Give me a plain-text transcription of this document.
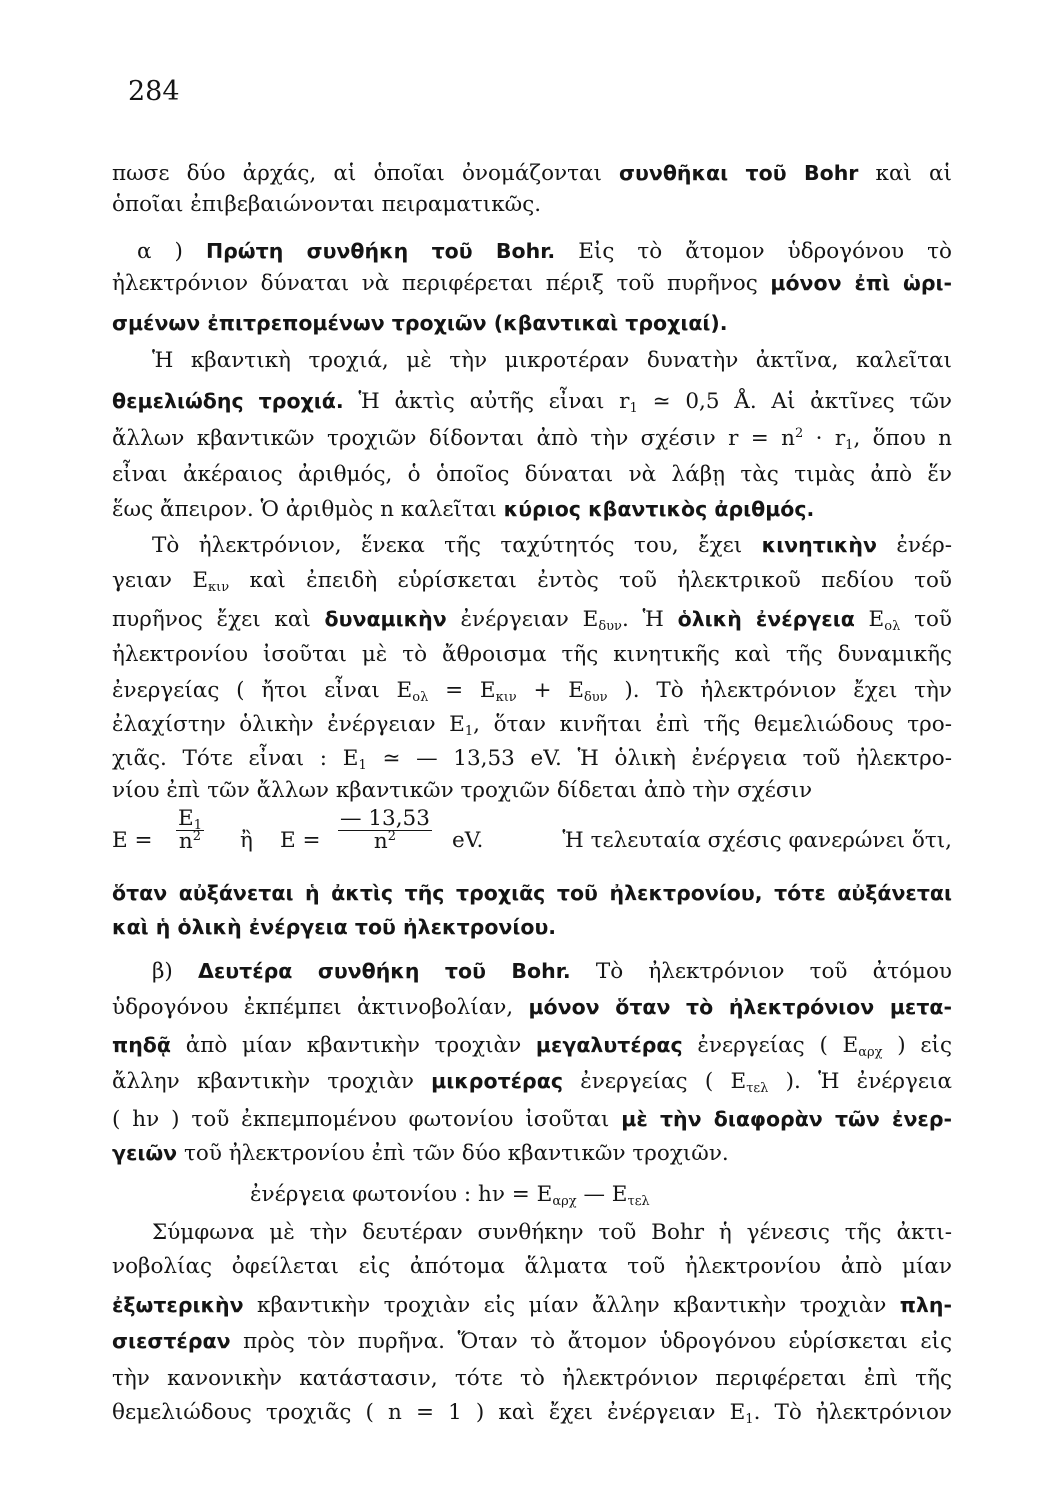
284
πωσε δύο ἀρχάς, αἱ ὁποῖαι ὀνομάζονται συνθῆκαι τοῦ Bohr καὶ αἱ
ὁποῖαι ἐπιβεβαιώνονται πειραματικῶς.
α ) Πρώτη συνθήκη τοῦ Bohr. Εἰς τὸ ἄτομον ὑδρογόνου τὸ
ἠλεκτρόνιον δύναται νὰ περιφέρεται πέριξ τοῦ πυρῆνος μόνον ἐπὶ ὡρι-
σμένων ἐπιτρεπομένων τροχιῶν (κβαντικαὶ τροχιαί).
Ἡ κβαντικὴ τροχιά, μὲ τὴν μικροτέραν δυνατὴν ἀκτῖνα, καλεῖται
θεμελιώδης τροχιά. Ἡ ἀκτὶς αὐτῆς εἶναι $r_1$ ≃ 0,5 Å. Αἱ ἀκτῖνες τῶν
ἄλλων κβαντικῶν τροχιῶν δίδονται ἀπὸ τὴν σχέσιν $r = n^2 \cdot r_1$, ὅπου n
εἶναι ἀκέραιος ἀριθμός, ὁ ὁποῖος δύναται νὰ λάβῃ τὰς τιμὰς ἀπὸ ἕν
ἕως ἄπειρον. Ὁ ἀριθμὸς n καλεῖται κύριος κβαντικὸς ἀριθμός.
Τὸ ἠλεκτρόνιον, ἕνεκα τῆς ταχύτητός του, ἔχει κινητικὴν ἐνέρ-
γειαν $E_{\kappa\iota\nu}$ καὶ ἐπειδὴ εὑρίσκεται ἐντὸς τοῦ ἠλεκτρικοῦ πεδίου τοῦ
πυρῆνος ἔχει καὶ δυναμικὴν ἐνέργειαν $E_{\delta\upsilon\nu}$. Ἡ ὁλικὴ ἐνέργεια $E_{o\lambda}$ τοῦ
ἠλεκτρονίου ἰσοῦται μὲ τὸ ἄθροισμα τῆς κινητικῆς καὶ τῆς δυναμικῆς
ἐνεργείας ( ἤτοι εἶναι $E_{o\lambda} = E_{\kappa\iota\nu} + E_{\delta\upsilon\nu}$ ). Τὸ ἠλεκτρόνιον ἔχει τὴν
ἐλαχίστην ὁλικὴν ἐνέργειαν $E_1$, ὅταν κινῆται ἐπὶ τῆς θεμελιώδους τρο-
χιᾶς. Τότε εἶναι : $E_1$ ≃ — 13,53 eV. Ἡ ὁλικὴ ἐνέργεια τοῦ ἠλεκτρο-
νίου ἐπὶ τῶν ἄλλων κβαντικῶν τροχιῶν δίδεται ἀπὸ τὴν σχέσιν
$E = \frac{E_1}{n^2}$ ἢ $E = \frac{— 13,53}{n^2}$ eV.	Ἡ τελευταία σχέσις φανερώνει ὅτι,
ὅταν αὐξάνεται ἡ ἀκτὶς τῆς τροχιᾶς τοῦ ἠλεκτρονίου, τότε αὐξάνεται
καὶ ἡ ὁλικὴ ἐνέργεια τοῦ ἠλεκτρονίου.
β) Δευτέρα συνθήκη τοῦ Bohr. Τὸ ἠλεκτρόνιον τοῦ ἀτόμου
ὑδρογόνου ἐκπέμπει ἀκτινοβολίαν, μόνον ὅταν τὸ ἠλεκτρόνιον μετα-
πηδᾷ ἀπὸ μίαν κβαντικὴν τροχιὰν μεγαλυτέρας ἐνεργείας ( $E_{\alpha\rho\chi}$ ) εἰς
ἄλλην κβαντικὴν τροχιὰν μικροτέρας ἐνεργείας ( $E_{\tau\varepsilon\lambda}$ ). Ἡ ἐνέργεια
( hν ) τοῦ ἐκπεμπομένου φωτονίου ἰσοῦται μὲ τὴν διαφορὰν τῶν ἐνερ-
γειῶν τοῦ ἠλεκτρονίου ἐπὶ τῶν δύο κβαντικῶν τροχιῶν.
ἐνέργεια φωτονίου : $h\nu = E_{\alpha\rho\chi}$ — $E_{\tau\varepsilon\lambda}$
Σύμφωνα μὲ τὴν δευτέραν συνθήκην τοῦ Bohr ἡ γένεσις τῆς ἀκτι-
νοβολίας ὀφείλεται εἰς ἀπότομα ἅλματα τοῦ ἠλεκτρονίου ἀπὸ μίαν
ἐξωτερικὴν κβαντικὴν τροχιὰν εἰς μίαν ἄλλην κβαντικὴν τροχιὰν πλη-
σιεστέραν πρὸς τὸν πυρῆνα. Ὅταν τὸ ἄτομον ὑδρογόνου εὑρίσκεται εἰς
τὴν κανονικὴν κατάστασιν, τότε τὸ ἠλεκτρόνιον περιφέρεται ἐπὶ τῆς
θεμελιώδους τροχιᾶς ( n = 1 ) καὶ ἔχει ἐνέργειαν $E_1$. Τὸ ἠλεκτρόνιον
